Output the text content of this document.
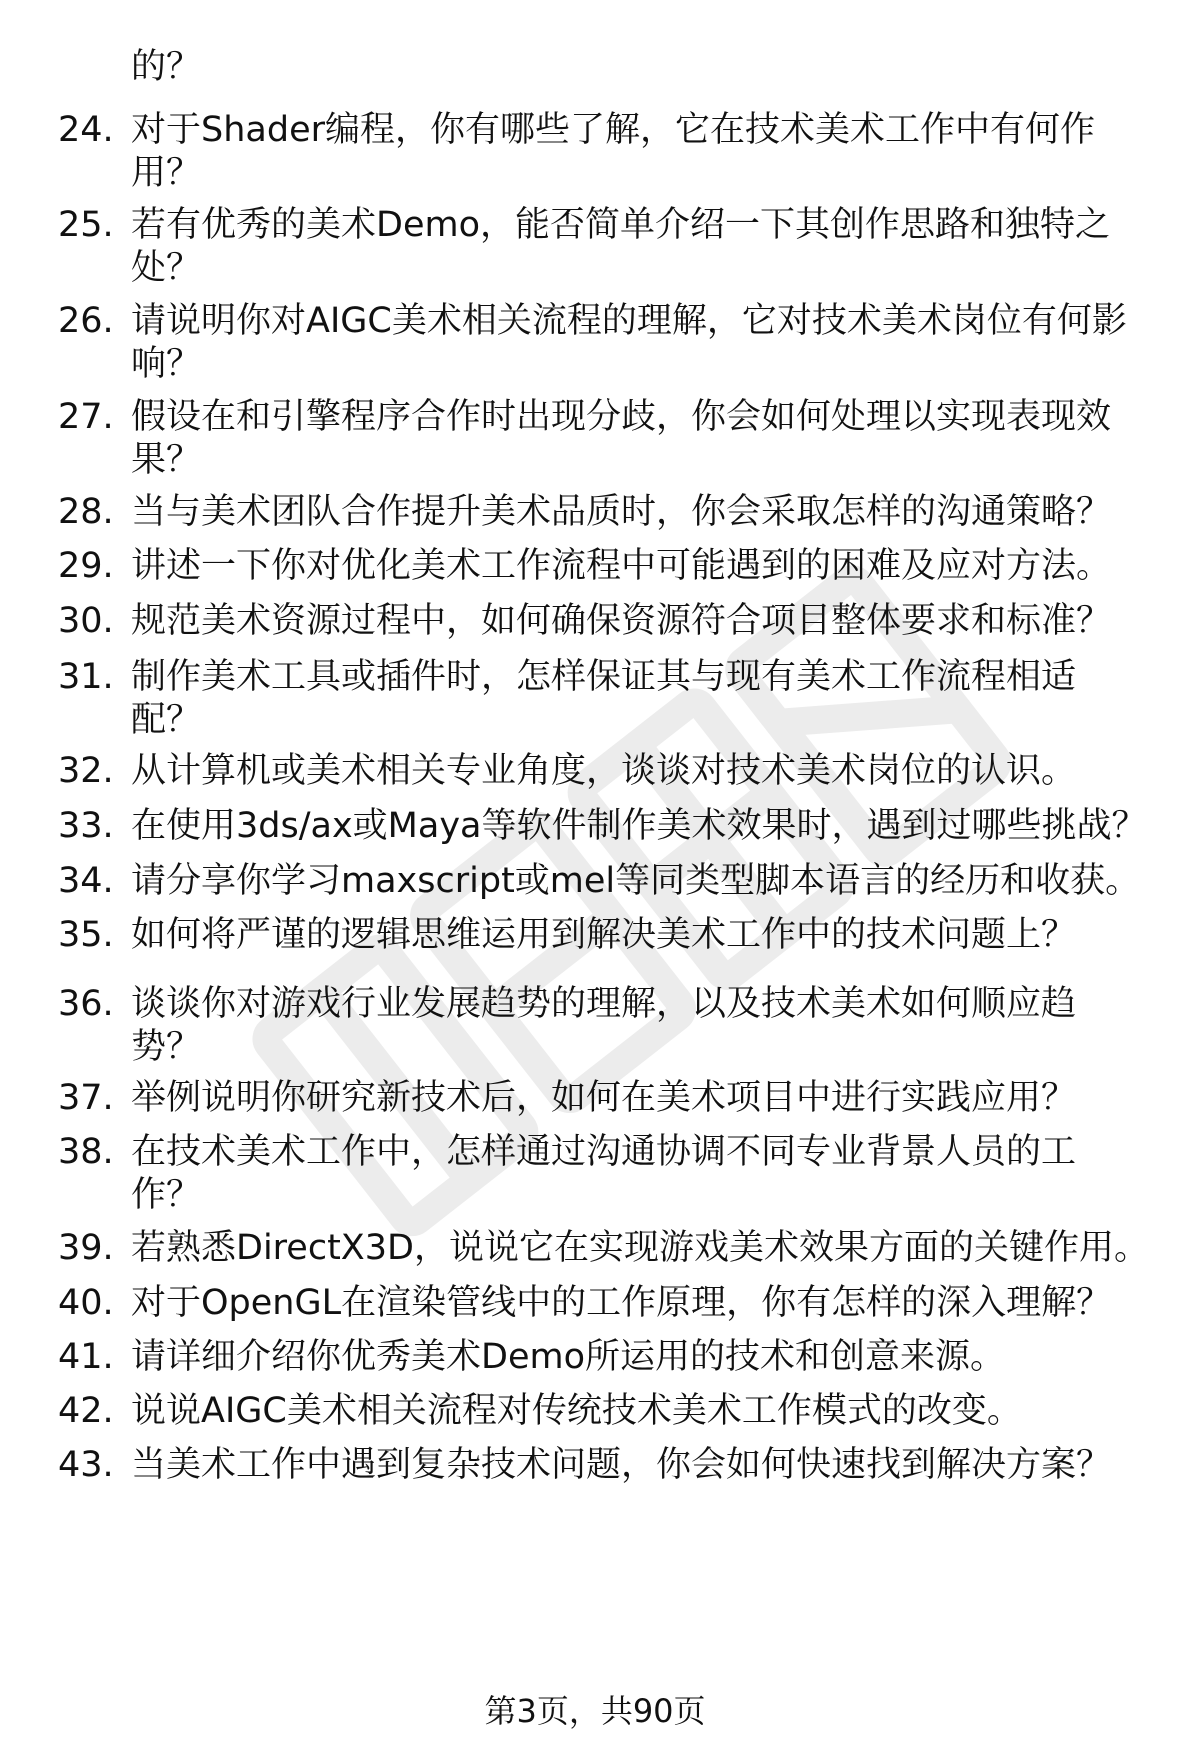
的？
24. 对于Shader编程，你有哪些了解，它在技术美术工作中有何作
用？
25. 若有优秀的美术Demo，能否简单介绍一下其创作思路和独特之
处？
26. 请说明你对AIGC美术相关流程的理解，它对技术美术岗位有何影
响？
27. 假设在和引擎程序合作时出现分歧，你会如何处理以实现表现效
果？
28. 当与美术团队合作提升美术品质时，你会采取怎样的沟通策略？
29. 讲述一下你对优化美术工作流程中可能遇到的困难及应对方法。
30. 规范美术资源过程中，如何确保资源符合项目整体要求和标准？
31. 制作美术工具或插件时，怎样保证其与现有美术工作流程相适
配？
32. 从计算机或美术相关专业角度，谈谈对技术美术岗位的认识。
33. 在使用3ds/ax或Maya等软件制作美术效果时，遇到过哪些挑战？
34. 请分享你学习maxscript或mel等同类型脚本语言的经历和收获。
35. 如何将严谨的逻辑思维运用到解决美术工作中的技术问题上？
36. 谈谈你对游戏行业发展趋势的理解，以及技术美术如何顺应趋
势？
37. 举例说明你研究新技术后，如何在美术项目中进行实践应用？
38. 在技术美术工作中，怎样通过沟通协调不同专业背景人员的工
作？
39. 若熟悉DirectX3D，说说它在实现游戏美术效果方面的关键作用。
40. 对于OpenGL在渲染管线中的工作原理，你有怎样的深入理解？
41. 请详细介绍你优秀美术Demo所运用的技术和创意来源。
42. 说说AIGC美术相关流程对传统技术美术工作模式的改变。
43. 当美术工作中遇到复杂技术问题，你会如何快速找到解决方案？
第3页，共90页
